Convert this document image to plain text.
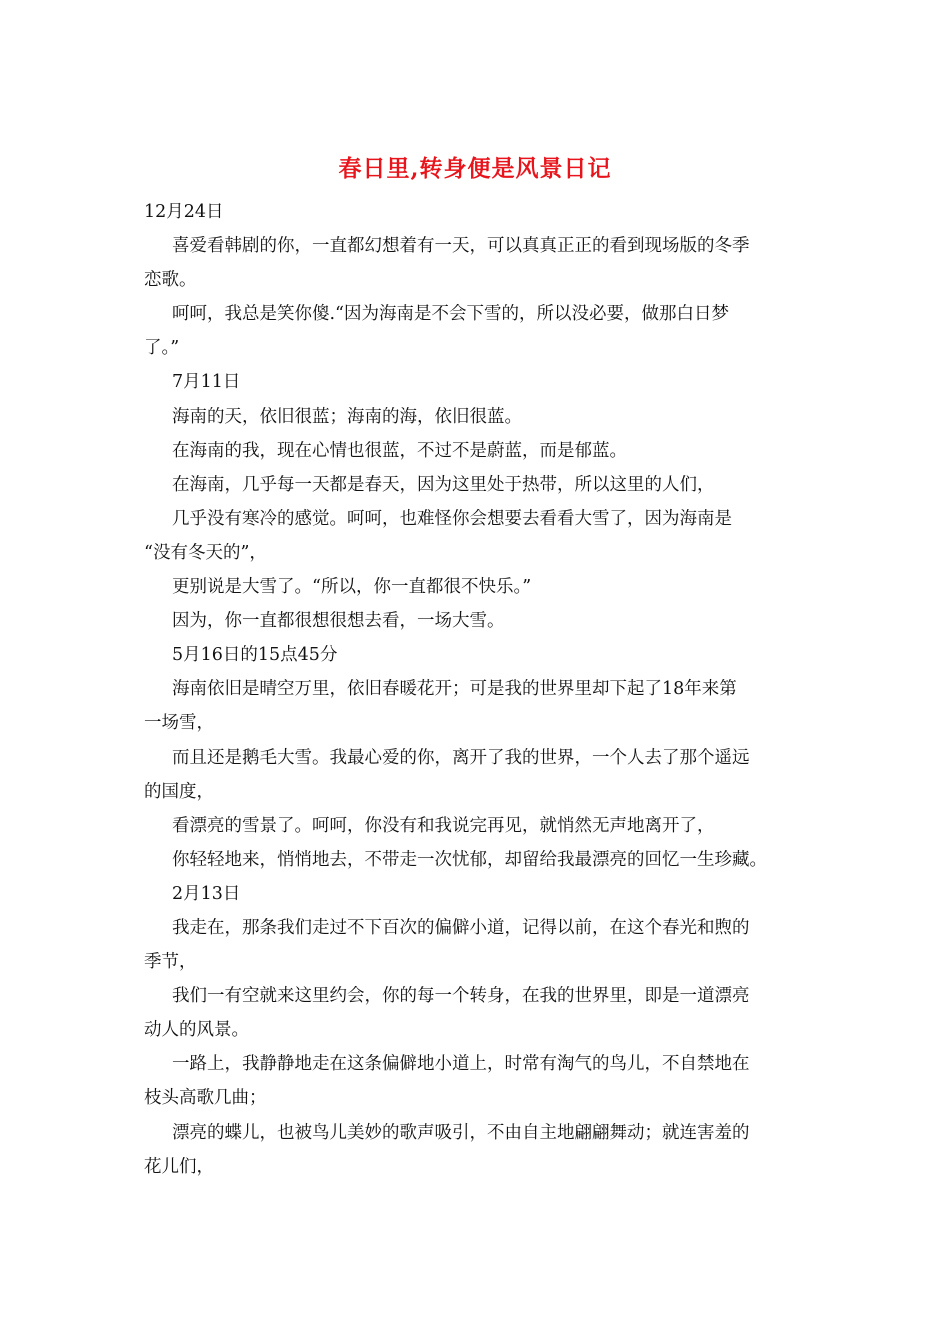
春日里,转身便是风景日记

12月24日

喜爱看韩剧的你，一直都幻想着有一天，可以真真正正的看到现场版的冬季

恋歌。

呵呵，我总是笑你傻.“因为海南是不会下雪的，所以没必要，做那白日梦

了。”

7月11日

海南的天，依旧很蓝；海南的海，依旧很蓝。

在海南的我，现在心情也很蓝，不过不是蔚蓝，而是郁蓝。

在海南，几乎每一天都是春天，因为这里处于热带，所以这里的人们，

几乎没有寒冷的感觉。呵呵，也难怪你会想要去看看大雪了，因为海南是

“没有冬天的”，

更别说是大雪了。“所以，你一直都很不快乐。”

因为，你一直都很想很想去看，一场大雪。

5月16日的15点45分

海南依旧是晴空万里，依旧春暖花开；可是我的世界里却下起了18年来第

一场雪，

而且还是鹅毛大雪。我最心爱的你，离开了我的世界，一个人去了那个遥远

的国度，

看漂亮的雪景了。呵呵，你没有和我说完再见，就悄然无声地离开了，

你轻轻地来，悄悄地去，不带走一次忧郁，却留给我最漂亮的回忆一生珍藏。

2月13日

我走在，那条我们走过不下百次的偏僻小道，记得以前，在这个春光和煦的

季节，

我们一有空就来这里约会，你的每一个转身，在我的世界里，即是一道漂亮

动人的风景。

一路上，我静静地走在这条偏僻地小道上，时常有淘气的鸟儿，不自禁地在

枝头高歌几曲；

漂亮的蝶儿，也被鸟儿美妙的歌声吸引，不由自主地翩翩舞动；就连害羞的

花儿们，
